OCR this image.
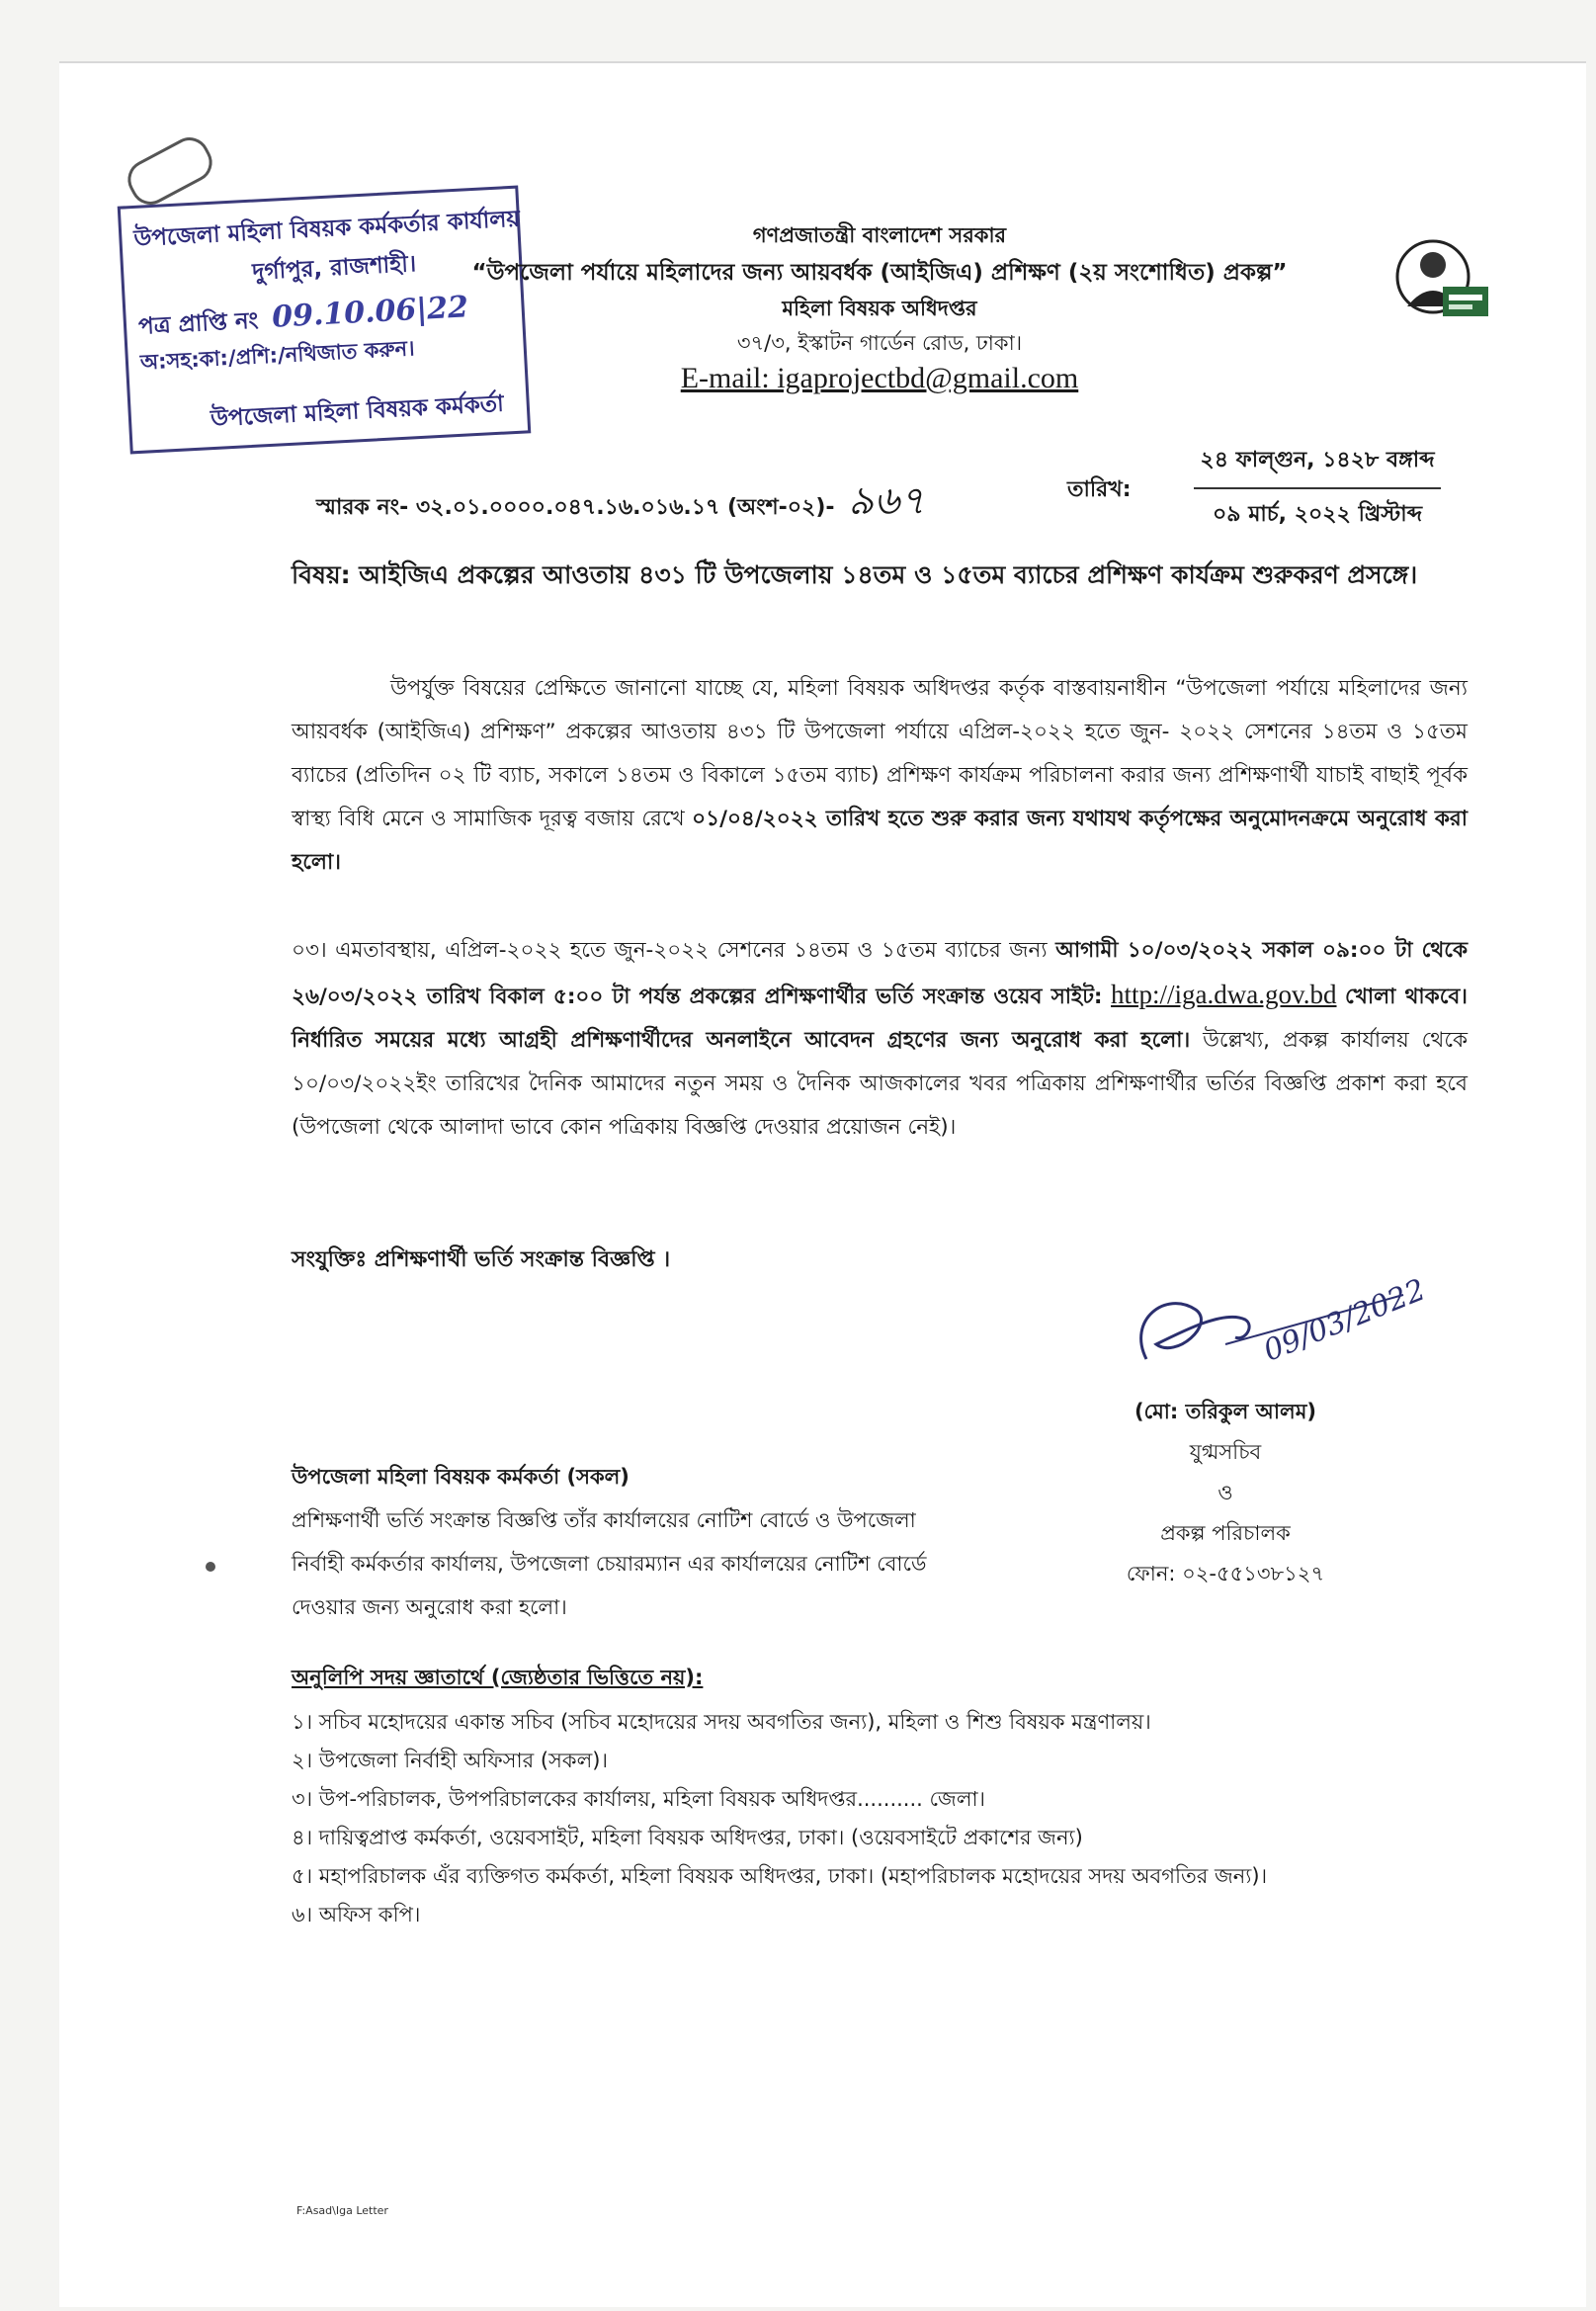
উপজেলা মহিলা বিষয়ক কর্মকর্তার কার্যালয়
দুর্গাপুর, রাজশাহী।
পত্র প্রাপ্তি নং 09.10.06|22
অ:সহ:কা:/প্রশি:/নথিজাত করুন।
উপজেলা মহিলা বিষয়ক কর্মকর্তা
গণপ্রজাতন্ত্রী বাংলাদেশ সরকার
“উপজেলা পর্যায়ে মহিলাদের জন্য আয়বর্ধক (আইজিএ) প্রশিক্ষণ (২য় সংশোধিত) প্রকল্প”
মহিলা বিষয়ক অধিদপ্তর
৩৭/৩, ইস্কাটন গার্ডেন রোড, ঢাকা।
E-mail: igaprojectbd@gmail.com
স্মারক নং- ৩২.০১.০০০০.০৪৭.১৬.০১৬.১৭ (অংশ-০২)- ৯৬৭	তারিখ:
২৪ ফাল্গুন, ১৪২৮ বঙ্গাব্দ
০৯ মার্চ, ২০২২ খ্রিস্টাব্দ
বিষয়: আইজিএ প্রকল্পের আওতায় ৪৩১ টি উপজেলায় ১৪তম ও ১৫তম ব্যাচের প্রশিক্ষণ কার্যক্রম শুরুকরণ প্রসঙ্গে।
উপর্যুক্ত বিষয়ের প্রেক্ষিতে জানানো যাচ্ছে যে, মহিলা বিষয়ক অধিদপ্তর কর্তৃক বাস্তবায়নাধীন “উপজেলা পর্যায়ে মহিলাদের জন্য আয়বর্ধক (আইজিএ) প্রশিক্ষণ” প্রকল্পের আওতায় ৪৩১ টি উপজেলা পর্যায়ে এপ্রিল-২০২২ হতে জুন- ২০২২ সেশনের ১৪তম ও ১৫তম ব্যাচের (প্রতিদিন ০২ টি ব্যাচ, সকালে ১৪তম ও বিকালে ১৫তম ব্যাচ) প্রশিক্ষণ কার্যক্রম পরিচালনা করার জন্য প্রশিক্ষণার্থী যাচাই বাছাই পূর্বক স্বাস্থ্য বিধি মেনে ও সামাজিক দূরত্ব বজায় রেখে ০১/০৪/২০২২ তারিখ হতে শুরু করার জন্য যথাযথ কর্তৃপক্ষের অনুমোদনক্রমে অনুরোধ করা হলো।
০৩। এমতাবস্থায়, এপ্রিল-২০২২ হতে জুন-২০২২ সেশনের ১৪তম ও ১৫তম ব্যাচের জন্য আগামী ১০/০৩/২০২২ সকাল ০৯:০০ টা থেকে ২৬/০৩/২০২২ তারিখ বিকাল ৫:০০ টা পর্যন্ত প্রকল্পের প্রশিক্ষণার্থীর ভর্তি সংক্রান্ত ওয়েব সাইট: http://iga.dwa.gov.bd খোলা থাকবে। নির্ধারিত সময়ের মধ্যে আগ্রহী প্রশিক্ষণার্থীদের অনলাইনে আবেদন গ্রহণের জন্য অনুরোধ করা হলো। উল্লেখ্য, প্রকল্প কার্যালয় থেকে ১০/০৩/২০২২ইং তারিখের দৈনিক আমাদের নতুন সময় ও দৈনিক আজকালের খবর পত্রিকায় প্রশিক্ষণার্থীর ভর্তির বিজ্ঞপ্তি প্রকাশ করা হবে (উপজেলা থেকে আলাদা ভাবে কোন পত্রিকায় বিজ্ঞপ্তি দেওয়ার প্রয়োজন নেই)।
সংযুক্তিঃ প্রশিক্ষণার্থী ভর্তি সংক্রান্ত বিজ্ঞপ্তি ।
09/03/2022
(মো: তরিকুল আলম)
যুগ্মসচিব
ও
প্রকল্প পরিচালক
ফোন: ০২-৫৫১৩৮১২৭
উপজেলা মহিলা বিষয়ক কর্মকর্তা (সকল)
প্রশিক্ষণার্থী ভর্তি সংক্রান্ত বিজ্ঞপ্তি তাঁর কার্যালয়ের নোটিশ বোর্ডে ও উপজেলা নির্বাহী কর্মকর্তার কার্যালয়, উপজেলা চেয়ারম্যান এর কার্যালয়ের নোটিশ বোর্ডে দেওয়ার জন্য অনুরোধ করা হলো।
অনুলিপি সদয় জ্ঞাতার্থে (জ্যেষ্ঠতার ভিত্তিতে নয়):
১। সচিব মহোদয়ের একান্ত সচিব (সচিব মহোদয়ের সদয় অবগতির জন্য), মহিলা ও শিশু বিষয়ক মন্ত্রণালয়।
২। উপজেলা নির্বাহী অফিসার (সকল)।
৩। উপ-পরিচালক, উপপরিচালকের কার্যালয়, মহিলা বিষয়ক অধিদপ্তর.......... জেলা।
৪। দায়িত্বপ্রাপ্ত কর্মকর্তা, ওয়েবসাইট, মহিলা বিষয়ক অধিদপ্তর, ঢাকা। (ওয়েবসাইটে প্রকাশের জন্য)
৫। মহাপরিচালক এঁর ব্যক্তিগত কর্মকর্তা, মহিলা বিষয়ক অধিদপ্তর, ঢাকা। (মহাপরিচালক মহোদয়ের সদয় অবগতির জন্য)।
৬। অফিস কপি।
F:Asad\Iga Letter
